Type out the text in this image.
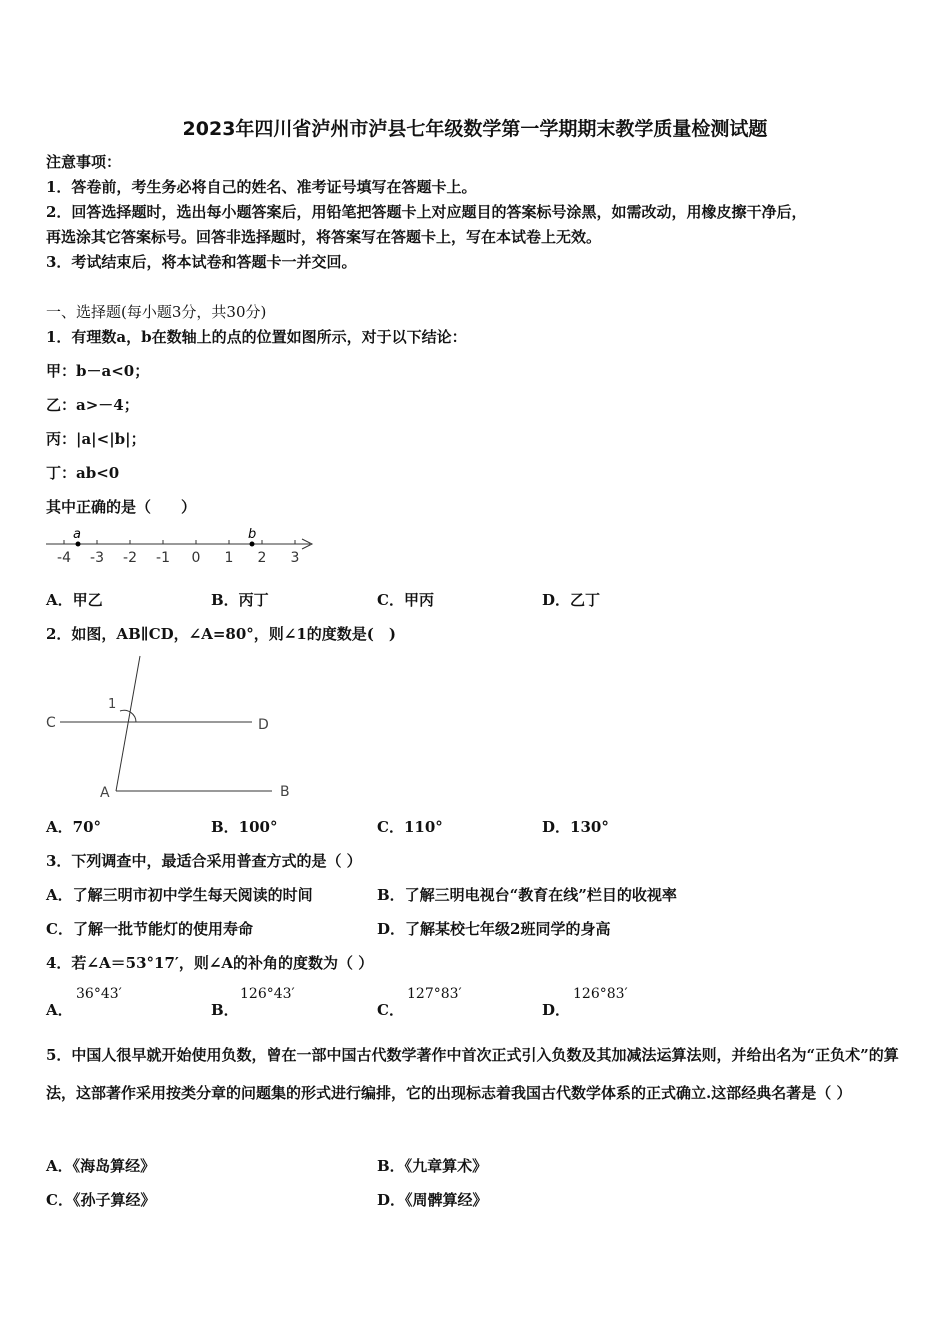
2023年四川省泸州市泸县七年级数学第一学期期末教学质量检测试题
注意事项：
1．答卷前，考生务必将自己的姓名、准考证号填写在答题卡上。
2．回答选择题时，选出每小题答案后，用铅笔把答题卡上对应题目的答案标号涂黑，如需改动，用橡皮擦干净后，
再选涂其它答案标号。回答非选择题时，将答案写在答题卡上，写在本试卷上无效。
3．考试结束后，将本试卷和答题卡一并交回。
一、选择题(每小题3分，共30分)
1．有理数a，b在数轴上的点的位置如图所示，对于以下结论：
甲：b－a<0；
乙：a>－4；
丙：|a|<|b|；
丁：ab<0
其中正确的是（　　）
-4 -3 -2 -1 0 1 2 3
a	b
A．甲乙	B．丙丁	C．甲丙	D．乙丁
2．如图，AB∥CD，∠A=80°，则∠1的度数是(　)
C	D
A	B
1
A．70°	B．100°	C．110°	D．130°
3．下列调查中，最适合采用普查方式的是（ ）
A．了解三明市初中学生每天阅读的时间	B．了解三明电视台“教育在线”栏目的收视率
C．了解一批节能灯的使用寿命	D．了解某校七年级2班同学的身高
4．若∠A＝53°17′，则∠A的补角的度数为（ ）
A．
36°43′
B．
126°43′
C．
127°83′
D．
126°83′
5．中国人很早就开始使用负数，曾在一部中国古代数学著作中首次正式引入负数及其加减法运算法则，并给出名为“正负术”的算法，这部著作采用按类分章的问题集的形式进行编排，它的出现标志着我国古代数学体系的正式确立.这部经典名著是（ ）
A．《海岛算经》	B．《九章算术》
C．《孙子算经》	D．《周髀算经》
